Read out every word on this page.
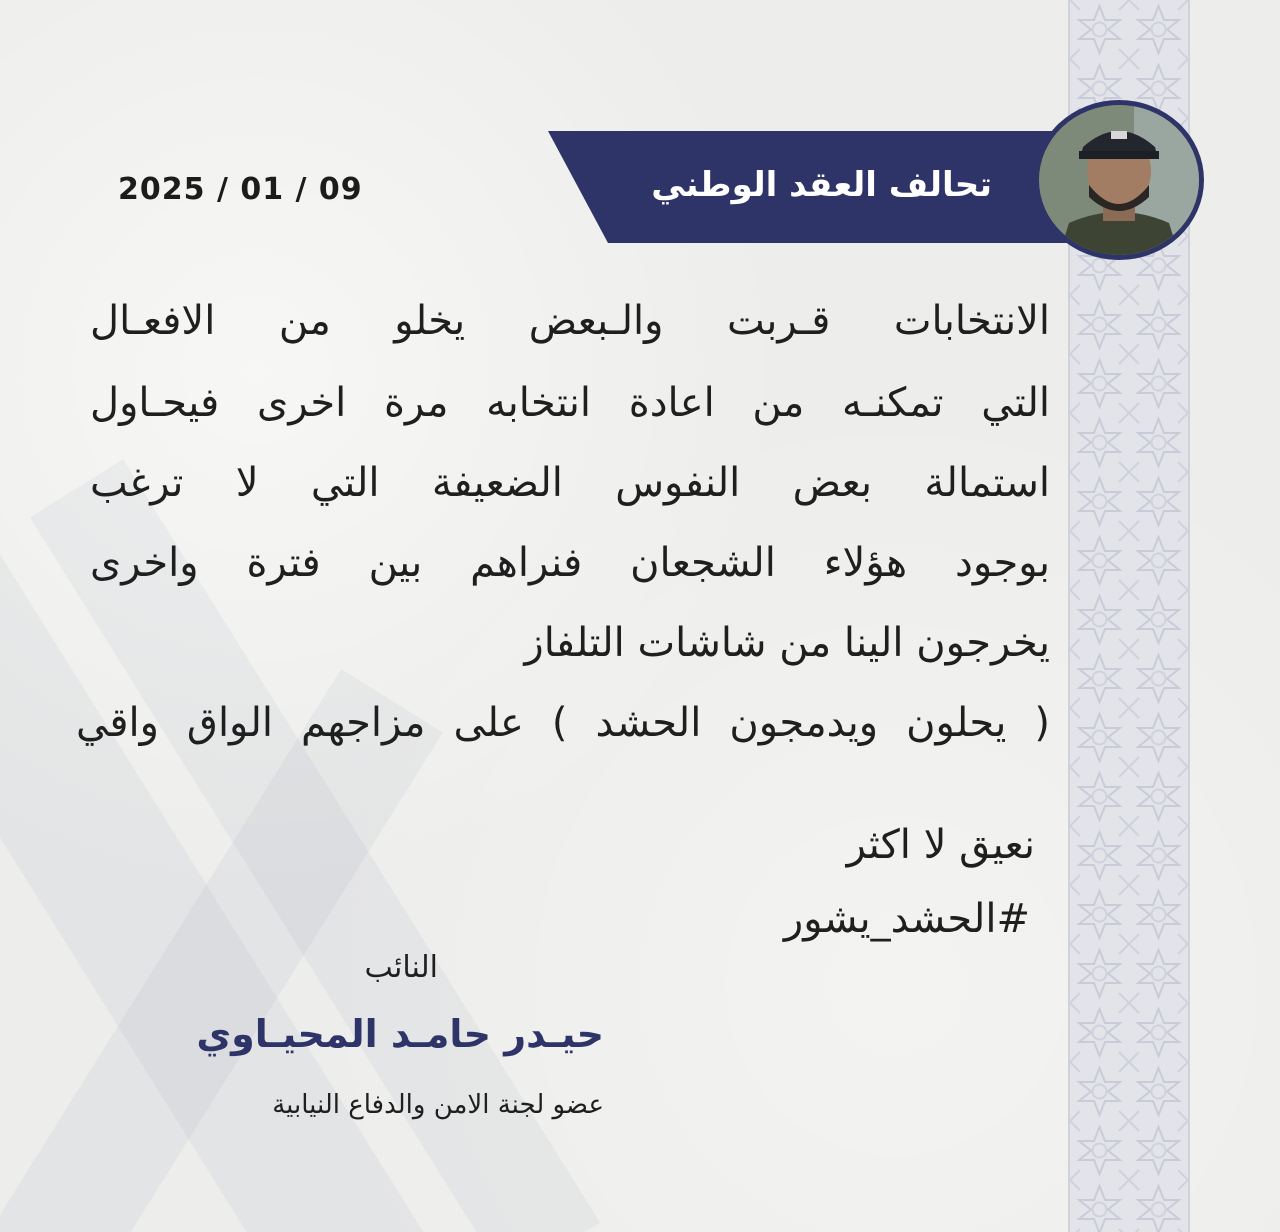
تحالف العقد الوطني
2025 / 01 / 09
الانتخابات قـربت والـبعض يخلو من الافعـال
التي تمكنـه من اعادة انتخابه مرة اخرى فيحـاول
استمالة بعض النفوس الضعيفة التي لا ترغب
بوجود هؤلاء الشجعان فنراهم بين فترة واخرى
يخرجون الينا من شاشات التلفاز
( يحلون ويدمجون الحشد ) على مزاجهم الواق واقي
نعيق لا اكثر
#الحشد_يشور
النائب
حيـدر حامـد المحيـاوي
عضو لجنة الامن والدفاع النيابية
